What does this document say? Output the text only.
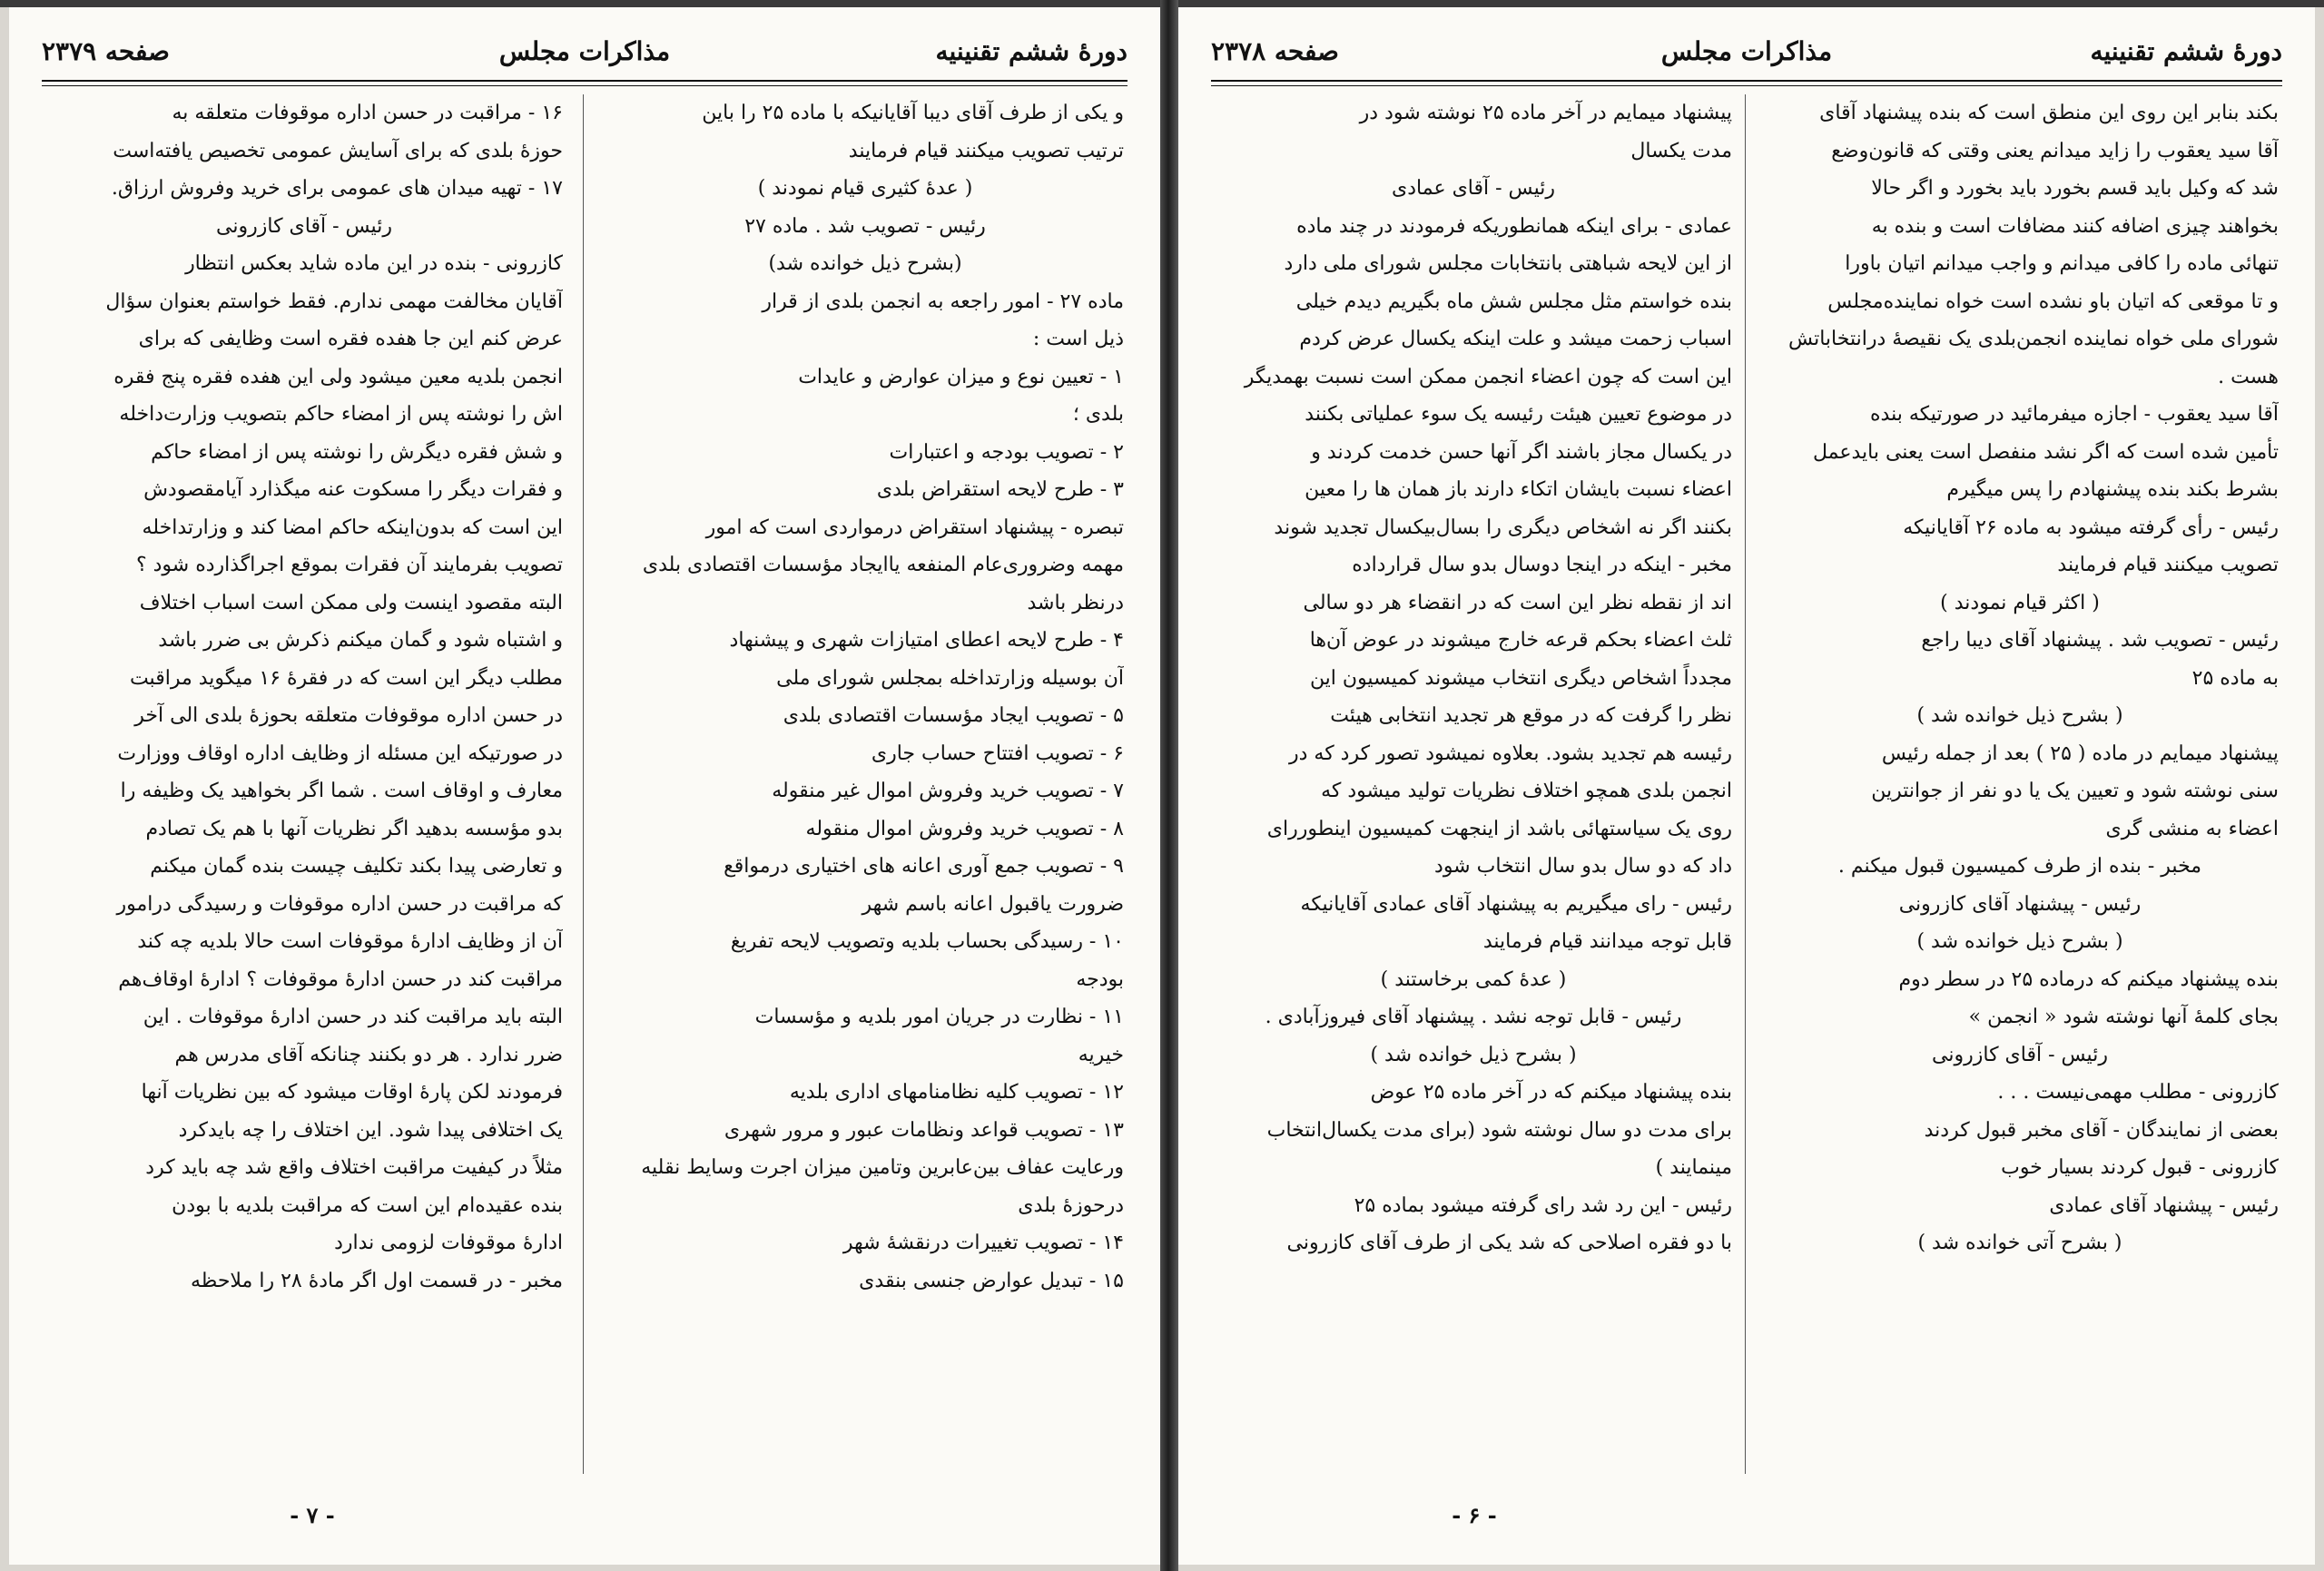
دورهٔ ششم تقنینیه
مذاکرات مجلس
صفحه ۲۳۷۹

و یکی از طرف آقای دیبا آقایانیکه با ماده ۲۵ را باین

ترتیب تصویب میکنند قیام فرمایند

( عدهٔ کثیری قیام نمودند )

رئیس - تصویب شد . ماده ۲۷

(بشرح ذیل خوانده شد)

ماده ۲۷ - امور راجعه به انجمن بلدی از قرار

ذیل است :

۱ - تعیین نوع و میزان عوارض و عایدات

بلدی ؛

۲ - تصویب بودجه و اعتبارات

۳ - طرح لایحه استقراض بلدی

تبصره - پیشنهاد استقراض درمواردی است که امور

مهمه وضروری‌عام المنفعه یاایجاد مؤسسات اقتصادی بلدی

درنظر باشد

۴ - طرح لایحه اعطای امتیازات شهری و پیشنهاد

آن بوسیله وزارتداخله بمجلس شورای ملی

۵ - تصویب ایجاد مؤسسات اقتصادی بلدی

۶ - تصویب افتتاح حساب جاری

۷ - تصویب خرید وفروش اموال غیر منقوله

۸ - تصویب خرید وفروش اموال منقوله

۹ - تصویب جمع آوری اعانه های اختیاری درمواقع

ضرورت یاقبول اعانه باسم شهر

۱۰ - رسیدگی بحساب بلدیه وتصویب لایحه تفریغ

بودجه

۱۱ - نظارت در جریان امور بلدیه و مؤسسات

خیریه

۱۲ - تصویب کلیه نظامنامهای اداری بلدیه

۱۳ - تصویب قواعد ونظامات عبور و مرور شهری

ورعایت عفاف بین‌عابرین وتامین میزان اجرت وسایط نقلیه

درحوزهٔ بلدی

۱۴ - تصویب تغییرات درنقشهٔ شهر

۱۵ - تبدیل عوارض جنسی بنقدی

۱۶ - مراقبت در حسن اداره موقوفات متعلقه به

حوزهٔ بلدی که برای آسایش عمومی تخصیص یافته‌است

۱۷ - تهیه میدان های عمومی برای خرید وفروش ارزاق.

رئیس - آقای کازرونی

کازرونی - بنده در این ماده شاید بعکس انتظار

آقایان مخالفت مهمی ندارم. فقط خواستم بعنوان سؤال

عرض کنم این جا هفده فقره است وظایفی که برای

انجمن بلدیه معین میشود ولی این هفده فقره پنج فقره

اش را نوشته پس از امضاء حاکم بتصویب وزارت‌داخله

و شش فقره دیگرش را نوشته پس از امضاء حاکم

و فقرات دیگر را مسکوت عنه میگذارد آیا‌مقصودش

این است که بدون‌اینکه حاکم امضا کند و وزارتداخله

تصویب بفرمایند آن فقرات بموقع اجراگذارده شود ؟

البته مقصود اینست ولی ممکن است اسباب اختلاف

و اشتباه شود و گمان میکنم ذکرش بی ضرر باشد

مطلب دیگر این است که در فقرهٔ ۱۶ میگوید مراقبت

در حسن اداره موقوفات متعلقه بحوزهٔ بلدی الی آخر

در صورتیکه این مسئله از وظایف اداره اوقاف ووزارت

معارف و اوقاف است . شما اگر بخواهید یک وظیفه را

بدو مؤسسه بدهید اگر نظریات آنها با هم یک تصادم

و تعارضی پیدا بکند تکلیف چیست بنده گمان میکنم

که مراقبت در حسن اداره موقوفات و رسیدگی درامور

آن از وظایف ادارهٔ موقوفات است حالا بلدیه چه کند

مراقبت کند در حسن ادارهٔ موقوفات ؟ ادارهٔ اوقاف‌هم

البته باید مراقبت کند در حسن ادارهٔ موقوفات . این

ضرر ندارد . هر دو بکنند چنانکه آقای مدرس هم

فرمودند لکن پارهٔ اوقات میشود که بین نظریات آنها

یک اختلافی پیدا شود. این اختلاف را چه باید‌کرد

مثلاً در کیفیت مراقبت اختلاف واقع شد چه باید کرد

بنده عقیده‌ام این است که مراقبت بلدیه با بودن

ادارهٔ موقوفات لزومی ندارد

مخبر - در قسمت اول اگر مادهٔ ۲۸ را ملاحظه

- ۷ -
دورهٔ ششم تقنینیه
مذاکرات مجلس
صفحه ۲۳۷۸

بکند بنابر این روی این منطق است که بنده پیشنهاد آقای

آقا سید یعقوب را زاید میدانم یعنی وقتی که قانون‌وضع

شد که وکیل باید قسم بخورد باید بخورد و اگر حالا

بخواهند چیزی اضافه کنند مضافات است و بنده به

تنهائی ماده را کافی میدانم و واجب میدانم اتیان باورا

و تا موقعی که اتیان باو نشده است خواه نماینده‌مجلس

شورای ملی خواه نماینده انجمن‌بلدی یک نقیصهٔ درانتخاباتش

هست .

آقا سید یعقوب - اجازه میفرمائید در صورتیکه بنده

تأمین شده است که اگر نشد منفصل است یعنی باید‌عمل

بشرط بکند بنده پیشنهادم را پس میگیرم

رئیس - رأی گرفته میشود به ماده ۲۶ آقایانیکه

تصویب میکنند قیام فرمایند

( اکثر قیام نمودند )

رئیس - تصویب شد . پیشنهاد آقای دیبا راجع

به ماده ۲۵

( بشرح ذیل خوانده شد )

پیشنهاد میمایم در ماده ( ۲۵ ) بعد از جمله رئیس

سنی نوشته شود و تعیین یک یا دو نفر از جوانترین

اعضاء به منشی گری

مخبر - بنده از طرف کمیسیون قبول میکنم .

رئیس - پیشنهاد آقای کازرونی

( بشرح ذیل خوانده شد )

بنده پیشنهاد میکنم که درماده ۲۵ در سطر دوم

بجای کلمهٔ آنها نوشته شود « انجمن »

رئیس - آقای کازرونی

کازرونی - مطلب مهمی‌نیست . . .

بعضی از نمایندگان - آقای مخبر قبول کردند

کازرونی - قبول کردند بسیار خوب

رئیس - پیشنهاد آقای عمادی

( بشرح آتی خوانده شد )

پیشنهاد میمایم در آخر ماده ۲۵ نوشته شود در

مدت یکسال

رئیس - آقای عمادی

عمادی - برای اینکه همانطوریکه فرمودند در چند ماده

از این لایحه شباهتی بانتخابات مجلس شورای ملی دارد

بنده خواستم مثل مجلس شش ماه بگیریم دیدم خیلی

اسباب زحمت میشد و علت اینکه یکسال عرض کردم

این است که چون اعضاء انجمن ممکن است نسبت بهمدیگر

در موضوع تعیین هیئت رئیسه یک سوء عملیاتی بکنند

در یکسال مجاز باشند اگر آنها حسن خدمت کردند و

اعضاء نسبت بایشان اتکاء دارند باز همان ها را معین

بکنند اگر نه اشخاص دیگری را بسال‌بیکسال تجدید شوند

مخبر - اینکه در اینجا دوسال بدو سال قرارداده

اند از نقطه نظر این است که در انقضاء هر دو سالی

ثلث اعضاء بحکم قرعه خارج میشوند در عوض آن‌ها

مجدداً اشخاص دیگری انتخاب میشوند کمیسیون این

نظر را گرفت که در موقع هر تجدید انتخابی هیئت

رئیسه هم تجدید بشود. بعلاوه نمیشود تصور کرد که در

انجمن بلدی همچو اختلاف نظریات تولید میشود که

روی یک سیاستهائی باشد از اینجهت کمیسیون اینطوررای

داد که دو سال بدو سال انتخاب شود

رئیس - رای میگیریم به پیشنهاد آقای عمادی آقایانیکه

قابل توجه میدانند قیام فرمایند

( عدهٔ کمی برخاستند )

رئیس - قابل توجه نشد . پیشنهاد آقای فیروزآبادی .

( بشرح ذیل خوانده شد )

بنده پیشنهاد میکنم که در آخر ماده ۲۵ عوض

برای مدت دو سال نوشته شود (برای مدت یکسال‌انتخاب

مینمایند )

رئیس - این رد شد رای گرفته میشود بماده ۲۵

با دو فقره اصلاحی که شد یکی از طرف آقای کازرونی

- ۶ -
